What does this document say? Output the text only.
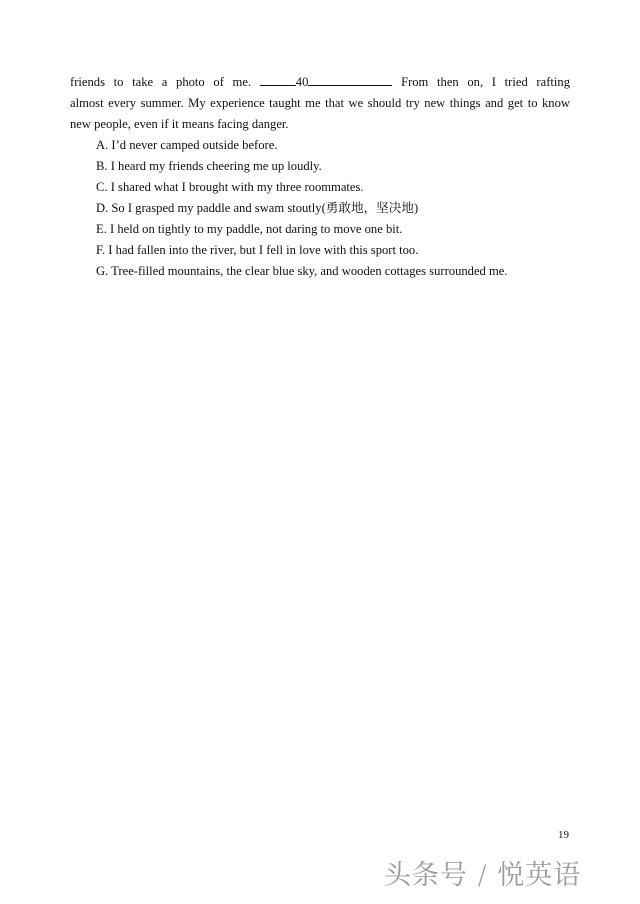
friends to take a photo of me.	40	From then on, I tried rafting
almost every summer. My experience taught me that we should try new things and get to know
new people, even if it means facing danger.
A. I’d never camped outside before.
B. I heard my friends cheering me up loudly.
C. I shared what I brought with my three roommates.
D. So I grasped my paddle and swam stoutly(勇敢地，坚决地)
E. I held on tightly to my paddle, not daring to move one bit.
F. I had fallen into the river, but I fell in love with this sport too.
G. Tree-filled mountains, the clear blue sky, and wooden cottages surrounded me.
19
头条号 / 悦英语
